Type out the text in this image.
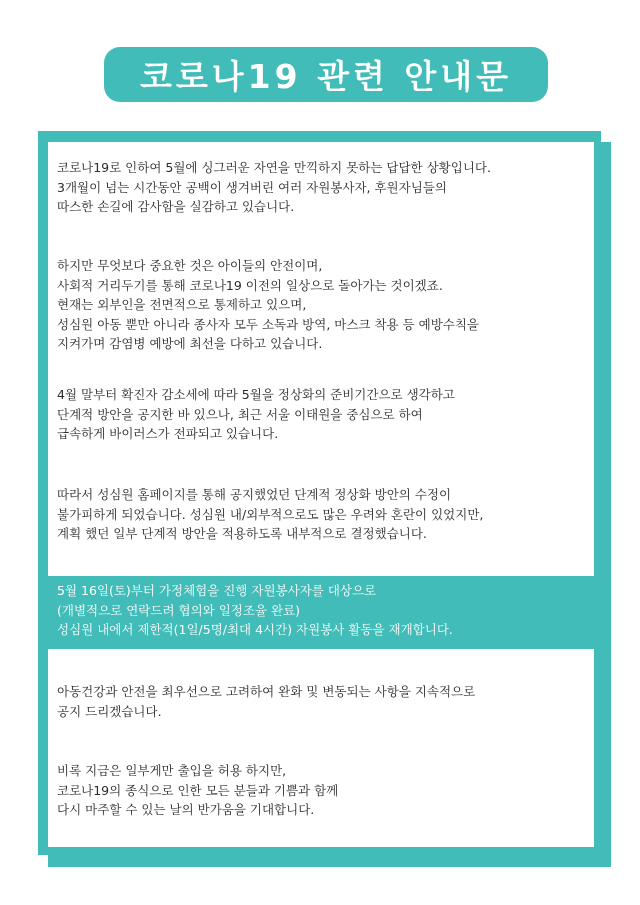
코로나19 관련 안내문

코로나19로 인하여 5월에 싱그러운 자연을 만끽하지 못하는 답답한 상황입니다.
3개월이 넘는 시간동안 공백이 생겨버린 여러 자원봉사자, 후원자님들의
따스한 손길에 감사함을 실감하고 있습니다.

하지만 무엇보다 중요한 것은 아이들의 안전이며,
사회적 거리두기를 통해 코로나19 이전의 일상으로 돌아가는 것이겠죠.
현재는 외부인을 전면적으로 통제하고 있으며,
성심원 아동 뿐만 아니라 종사자 모두 소독과 방역, 마스크 착용 등 예방수칙을
지켜가며 감염병 예방에 최선을 다하고 있습니다.

4월 말부터 확진자 감소세에 따라 5월을 정상화의 준비기간으로 생각하고
단계적 방안을 공지한 바 있으나, 최근 서울 이태원을 중심으로 하여
급속하게 바이러스가 전파되고 있습니다.

따라서 성심원 홈페이지를 통해 공지했었던 단계적 정상화 방안의 수정이
불가피하게 되었습니다. 성심원 내/외부적으로도 많은 우려와 혼란이 있었지만,
계획 했던 일부 단계적 방안을 적용하도록 내부적으로 결정했습니다.

5월 16일(토)부터 가정체험을 진행 자원봉사자를 대상으로
(개별적으로 연락드려 협의와 일정조율 완료)
성심원 내에서 제한적(1일/5명/최대 4시간) 자원봉사 활동을 재개합니다.

아동건강과 안전을 최우선으로 고려하여 완화 및 변동되는 사항을 지속적으로
공지 드리겠습니다.

비록 지금은 일부게만 출입을 허용 하지만,
코로나19의 종식으로 인한 모든 분들과 기쁨과 함께
다시 마주할 수 있는 날의 반가움을 기대합니다.
